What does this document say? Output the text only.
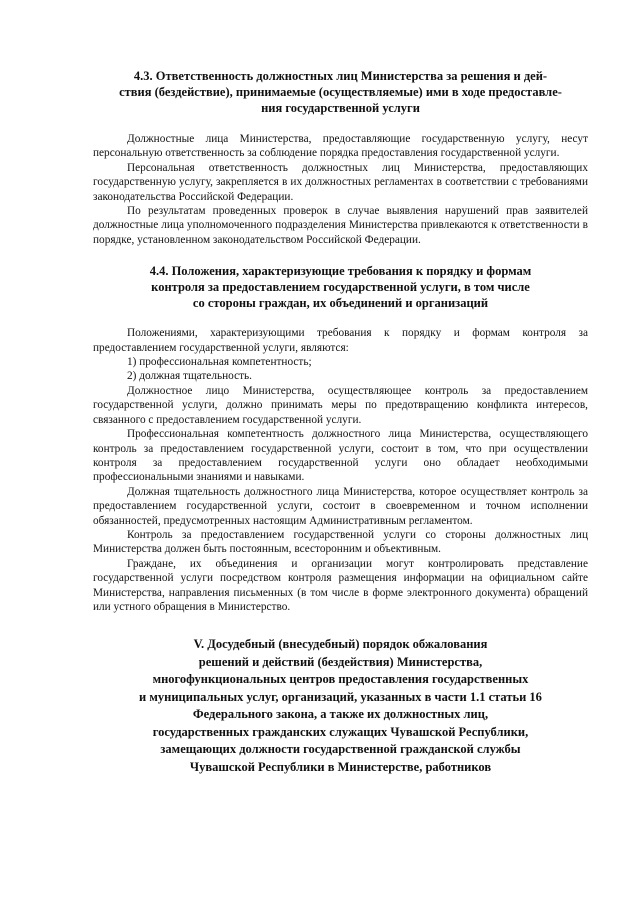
4.3. Ответственность должностных лиц Министерства за решения и дей-
ствия (бездействие), принимаемые (осуществляемые) ими в ходе предоставле-
ния государственной услуги

Должностные лица Министерства, предоставляющие государственную услугу, несут персональную ответственность за соблюдение порядка предоставления государственной услуги.

Персональная ответственность должностных лиц Министерства, предоставляющих государственную услугу, закрепляется в их должностных регламентах в соответствии с требованиями законодательства Российской Федерации.

По результатам проведенных проверок в случае выявления нарушений прав заявителей должностные лица уполномоченного подразделения Министерства привлекаются к ответственности в порядке, установленном законодательством Российской Федерации.

4.4. Положения, характеризующие требования к порядку и формам
контроля за предоставлением государственной услуги, в том числе
со стороны граждан, их объединений и организаций

Положениями, характеризующими требования к порядку и формам контроля за предоставлением государственной услуги, являются:

1) профессиональная компетентность;

2) должная тщательность.

Должностное лицо Министерства, осуществляющее контроль за предоставлением государственной услуги, должно принимать меры по предотвращению конфликта интересов, связанного с предоставлением государственной услуги.

Профессиональная компетентность должностного лица Министерства, осуществляющего контроль за предоставлением государственной услуги, состоит в том, что при осуществлении контроля за предоставлением государственной услуги оно обладает необходимыми профессиональными знаниями и навыками.

Должная тщательность должностного лица Министерства, которое осуществляет контроль за предоставлением государственной услуги, состоит в своевременном и точном исполнении обязанностей, предусмотренных настоящим Административным регламентом.

Контроль за предоставлением государственной услуги со стороны должностных лиц Министерства должен быть постоянным, всесторонним и объективным.

Граждане, их объединения и организации могут контролировать представление государственной услуги посредством контроля размещения информации на официальном сайте Министерства, направления письменных (в том числе в форме электронного документа) обращений или устного обращения в Министерство.

V. Досудебный (внесудебный) порядок обжалования
решений и действий (бездействия) Министерства,
многофункциональных центров предоставления государственных
и муниципальных услуг, организаций, указанных в части 1.1 статьи 16
Федерального закона, а также их должностных лиц,
государственных гражданских служащих Чувашской Республики,
замещающих должности государственной гражданской службы
Чувашской Республики в Министерстве, работников
